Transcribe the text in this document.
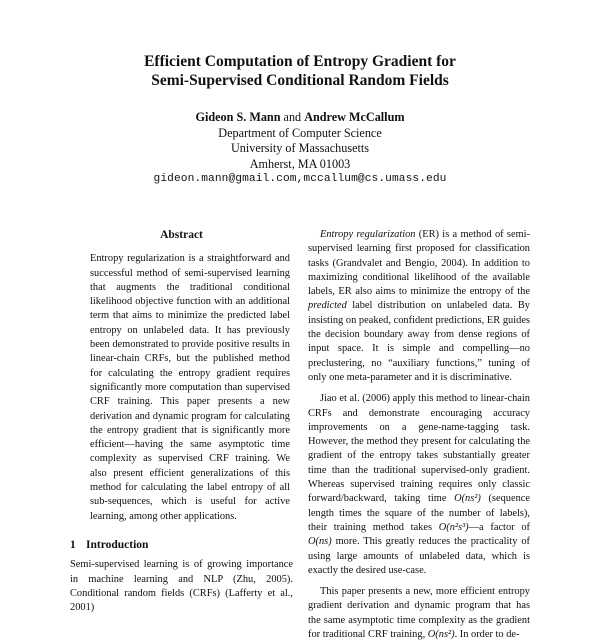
Efficient Computation of Entropy Gradient for
Semi-Supervised Conditional Random Fields
Gideon S. Mann and Andrew McCallum
Department of Computer Science
University of Massachusetts
Amherst, MA 01003
gideon.mann@gmail.com,mccallum@cs.umass.edu
Abstract

Entropy regularization is a straightforward and successful method of semi-supervised learning that augments the traditional conditional likelihood objective function with an additional term that aims to minimize the predicted label entropy on unlabeled data. It has previously been demonstrated to provide positive results in linear-chain CRFs, but the published method for calculating the entropy gradient requires significantly more computation than supervised CRF training. This paper presents a new derivation and dynamic program for calculating the entropy gradient that is significantly more efficient—having the same asymptotic time complexity as supervised CRF training. We also present efficient generalizations of this method for calculating the label entropy of all sub-sequences, which is useful for active learning, among other applications.

1 Introduction

Semi-supervised learning is of growing importance in machine learning and NLP (Zhu, 2005). Conditional random fields (CRFs) (Lafferty et al., 2001)

Entropy regularization (ER) is a method of semi-supervised learning first proposed for classification tasks (Grandvalet and Bengio, 2004). In addition to maximizing conditional likelihood of the available labels, ER also aims to minimize the entropy of the predicted label distribution on unlabeled data. By insisting on peaked, confident predictions, ER guides the decision boundary away from dense regions of input space. It is simple and compelling—no preclustering, no “auxiliary functions,” tuning of only one meta-parameter and it is discriminative.

Jiao et al. (2006) apply this method to linear-chain CRFs and demonstrate encouraging accuracy improvements on a gene-name-tagging task. However, the method they present for calculating the gradient of the entropy takes substantially greater time than the traditional supervised-only gradient. Whereas supervised training requires only classic forward/backward, taking time O(ns²) (sequence length times the square of the number of labels), their training method takes O(n²s³)—a factor of O(ns) more. This greatly reduces the practicality of using large amounts of unlabeled data, which is exactly the desired use-case.

This paper presents a new, more efficient entropy gradient derivation and dynamic program that has the same asymptotic time complexity as the gradient for traditional CRF training, O(ns²). In order to de-
